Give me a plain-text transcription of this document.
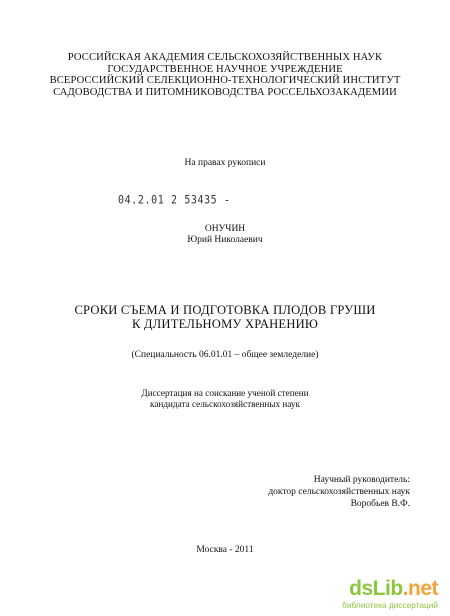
РОССИЙСКАЯ АКАДЕМИЯ СЕЛЬСКОХОЗЯЙСТВЕННЫХ НАУК
ГОСУДАРСТВЕННОЕ НАУЧНОЕ УЧРЕЖДЕНИЕ
ВСЕРОССИЙСКИЙ СЕЛЕКЦИОННО-ТЕХНОЛОГИЧЕСКИЙ ИНСТИТУТ
САДОВОДСТВА И ПИТОМНИКОВОДСТВА РОССЕЛЬХОЗАКАДЕМИИ
На правах рукописи
04.2.01 2 53435 -
ОНУЧИН
Юрий Николаевич
СРОКИ СЪЕМА И ПОДГОТОВКА ПЛОДОВ ГРУШИ
К ДЛИТЕЛЬНОМУ ХРАНЕНИЮ
(Специальность 06.01.01 – общее земледелие)
Диссертация на соискание ученой степени
кандидата сельскохозяйственных наук
Научный руководитель:
доктор сельскохозяйственных наук
Воробьев В.Ф.
Москва - 2011
dsLib.net
библиотека диссертаций
